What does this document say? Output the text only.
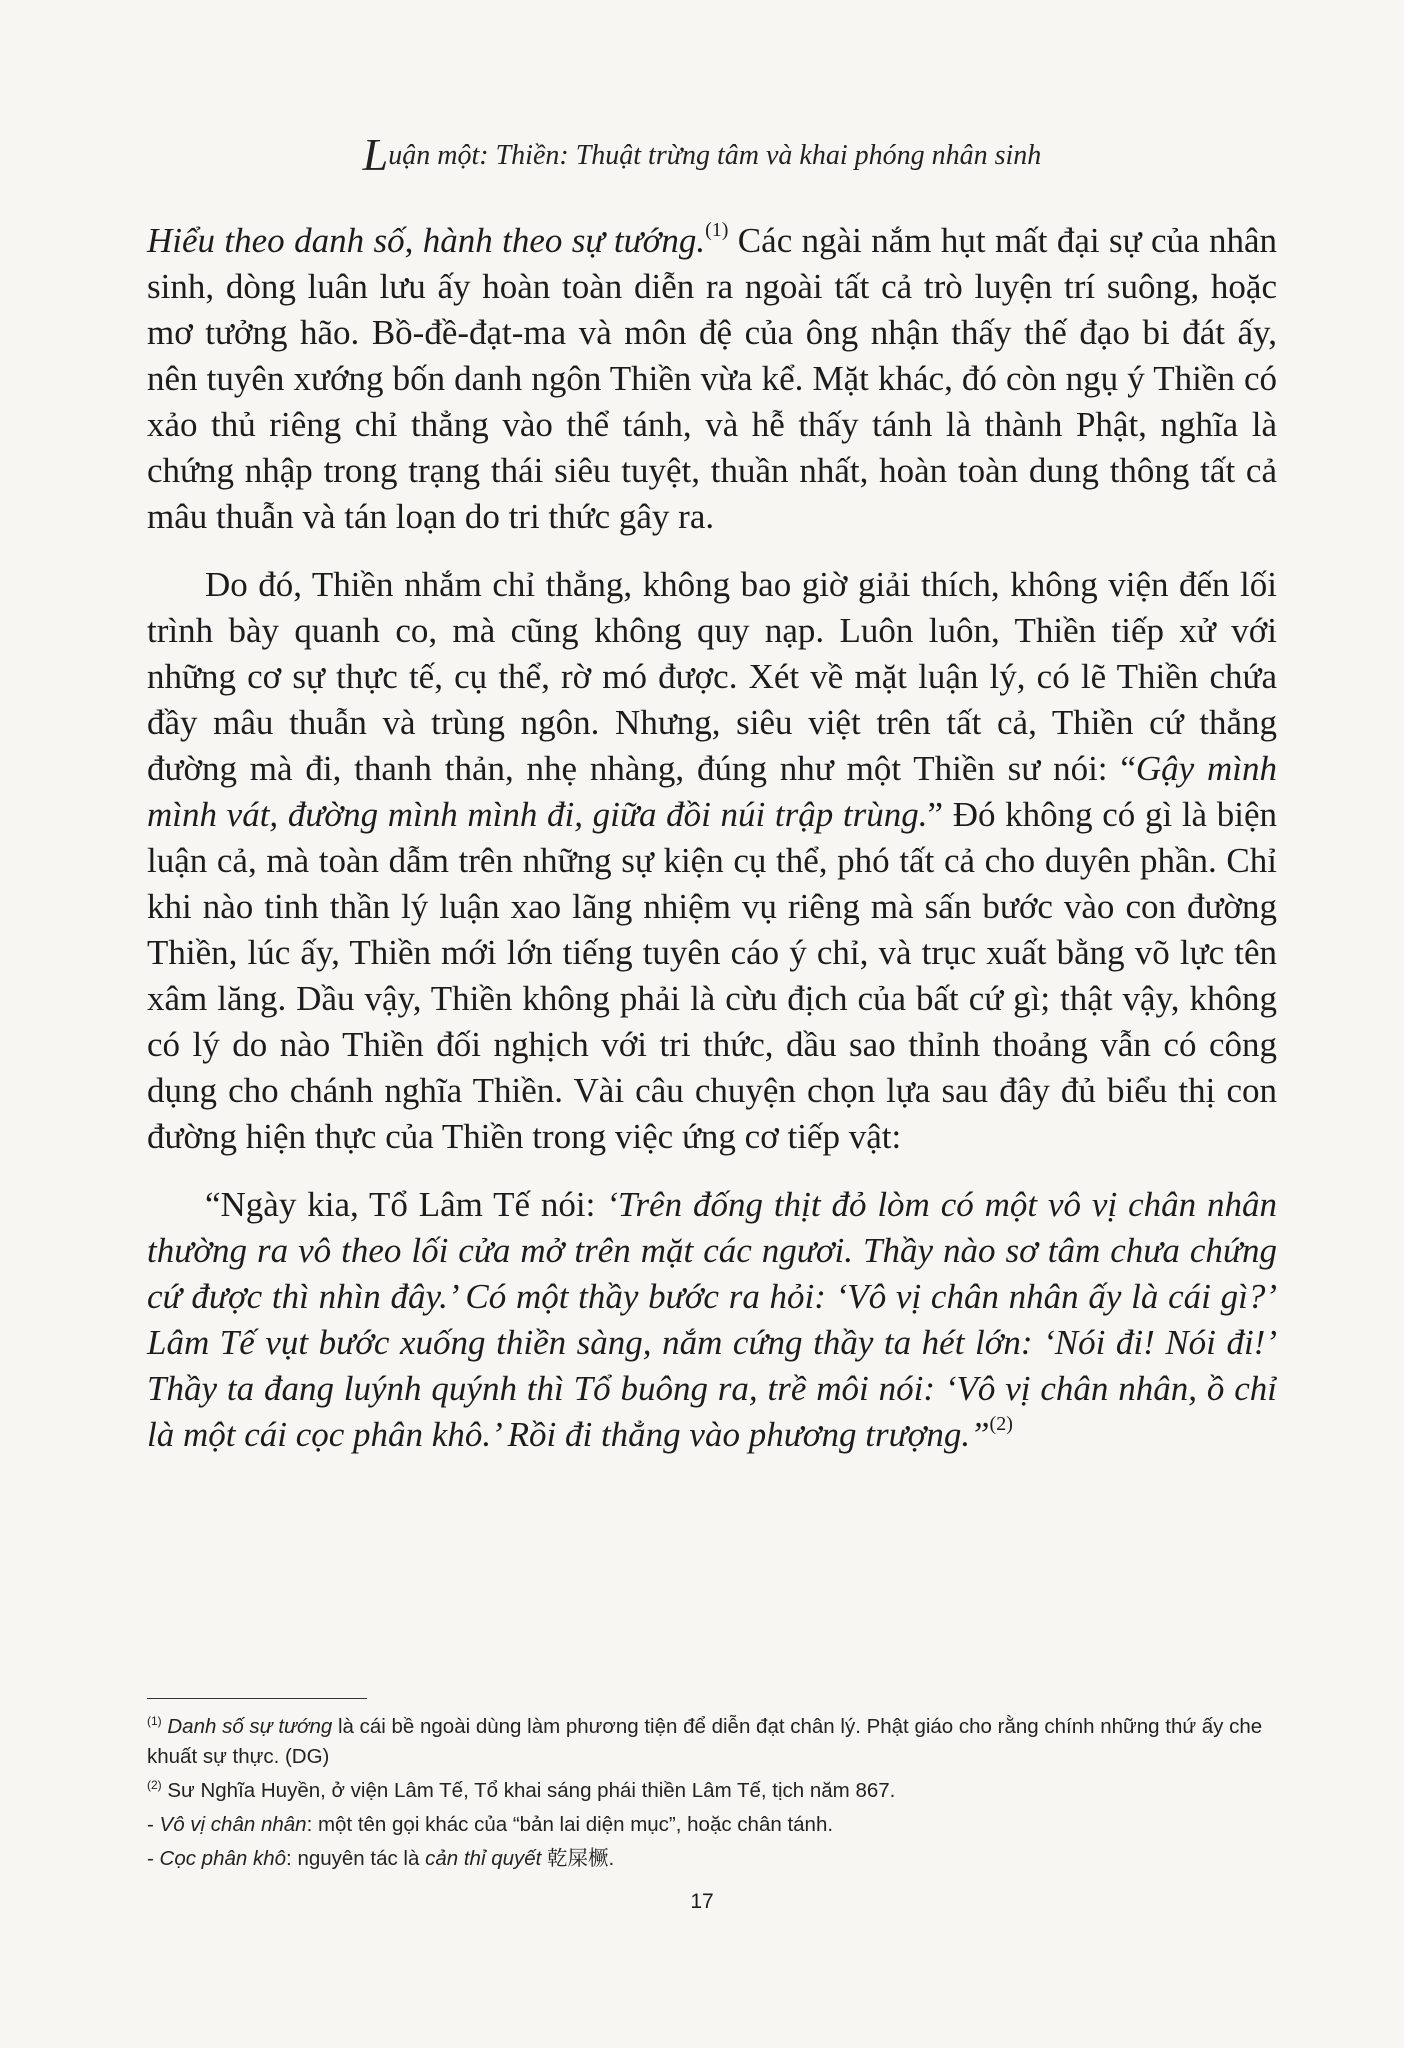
Luận một: Thiền: Thuật trừng tâm và khai phóng nhân sinh

Hiểu theo danh số, hành theo sự tướng.$^{(1)}$ Các ngài nắm hụt mất đại sự của nhân sinh, dòng luân lưu ấy hoàn toàn diễn ra ngoài tất cả trò luyện trí suông, hoặc mơ tưởng hão. Bồ-đề-đạt-ma và môn đệ của ông nhận thấy thế đạo bi đát ấy, nên tuyên xướng bốn danh ngôn Thiền vừa kể. Mặt khác, đó còn ngụ ý Thiền có xảo thủ riêng chỉ thẳng vào thể tánh, và hễ thấy tánh là thành Phật, nghĩa là chứng nhập trong trạng thái siêu tuyệt, thuần nhất, hoàn toàn dung thông tất cả mâu thuẫn và tán loạn do tri thức gây ra.

Do đó, Thiền nhắm chỉ thẳng, không bao giờ giải thích, không viện đến lối trình bày quanh co, mà cũng không quy nạp. Luôn luôn, Thiền tiếp xử với những cơ sự thực tế, cụ thể, rờ mó được. Xét về mặt luận lý, có lẽ Thiền chứa đầy mâu thuẫn và trùng ngôn. Nhưng, siêu việt trên tất cả, Thiền cứ thẳng đường mà đi, thanh thản, nhẹ nhàng, đúng như một Thiền sư nói: “Gậy mình mình vát, đường mình mình đi, giữa đồi núi trập trùng.” Đó không có gì là biện luận cả, mà toàn dẫm trên những sự kiện cụ thể, phó tất cả cho duyên phần. Chỉ khi nào tinh thần lý luận xao lãng nhiệm vụ riêng mà sấn bước vào con đường Thiền, lúc ấy, Thiền mới lớn tiếng tuyên cáo ý chỉ, và trục xuất bằng võ lực tên xâm lăng. Dầu vậy, Thiền không phải là cừu địch của bất cứ gì; thật vậy, không có lý do nào Thiền đối nghịch với tri thức, dầu sao thỉnh thoảng vẫn có công dụng cho chánh nghĩa Thiền. Vài câu chuyện chọn lựa sau đây đủ biểu thị con đường hiện thực của Thiền trong việc ứng cơ tiếp vật:

“Ngày kia, Tổ Lâm Tế nói: ‘Trên đống thịt đỏ lòm có một vô vị chân nhân thường ra vô theo lối cửa mở trên mặt các ngươi. Thầy nào sơ tâm chưa chứng cứ được thì nhìn đây.’ Có một thầy bước ra hỏi: ‘Vô vị chân nhân ấy là cái gì?’ Lâm Tế vụt bước xuống thiền sàng, nắm cứng thầy ta hét lớn: ‘Nói đi! Nói đi!’ Thầy ta đang luýnh quýnh thì Tổ buông ra, trề môi nói: ‘Vô vị chân nhân, ồ chỉ là một cái cọc phân khô.’ Rồi đi thẳng vào phương trượng.”$^{(2)}$

$^{(1)}$ Danh số sự tướng là cái bề ngoài dùng làm phương tiện để diễn đạt chân lý. Phật giáo cho rằng chính những thứ ấy che khuất sự thực. (DG)

$^{(2)}$ Sư Nghĩa Huyền, ở viện Lâm Tế, Tổ khai sáng phái thiền Lâm Tế, tịch năm 867.

- Vô vị chân nhân: một tên gọi khác của “bản lai diện mục”, hoặc chân tánh.

- Cọc phân khô: nguyên tác là cản thỉ quyết 乾屎橛.

17
